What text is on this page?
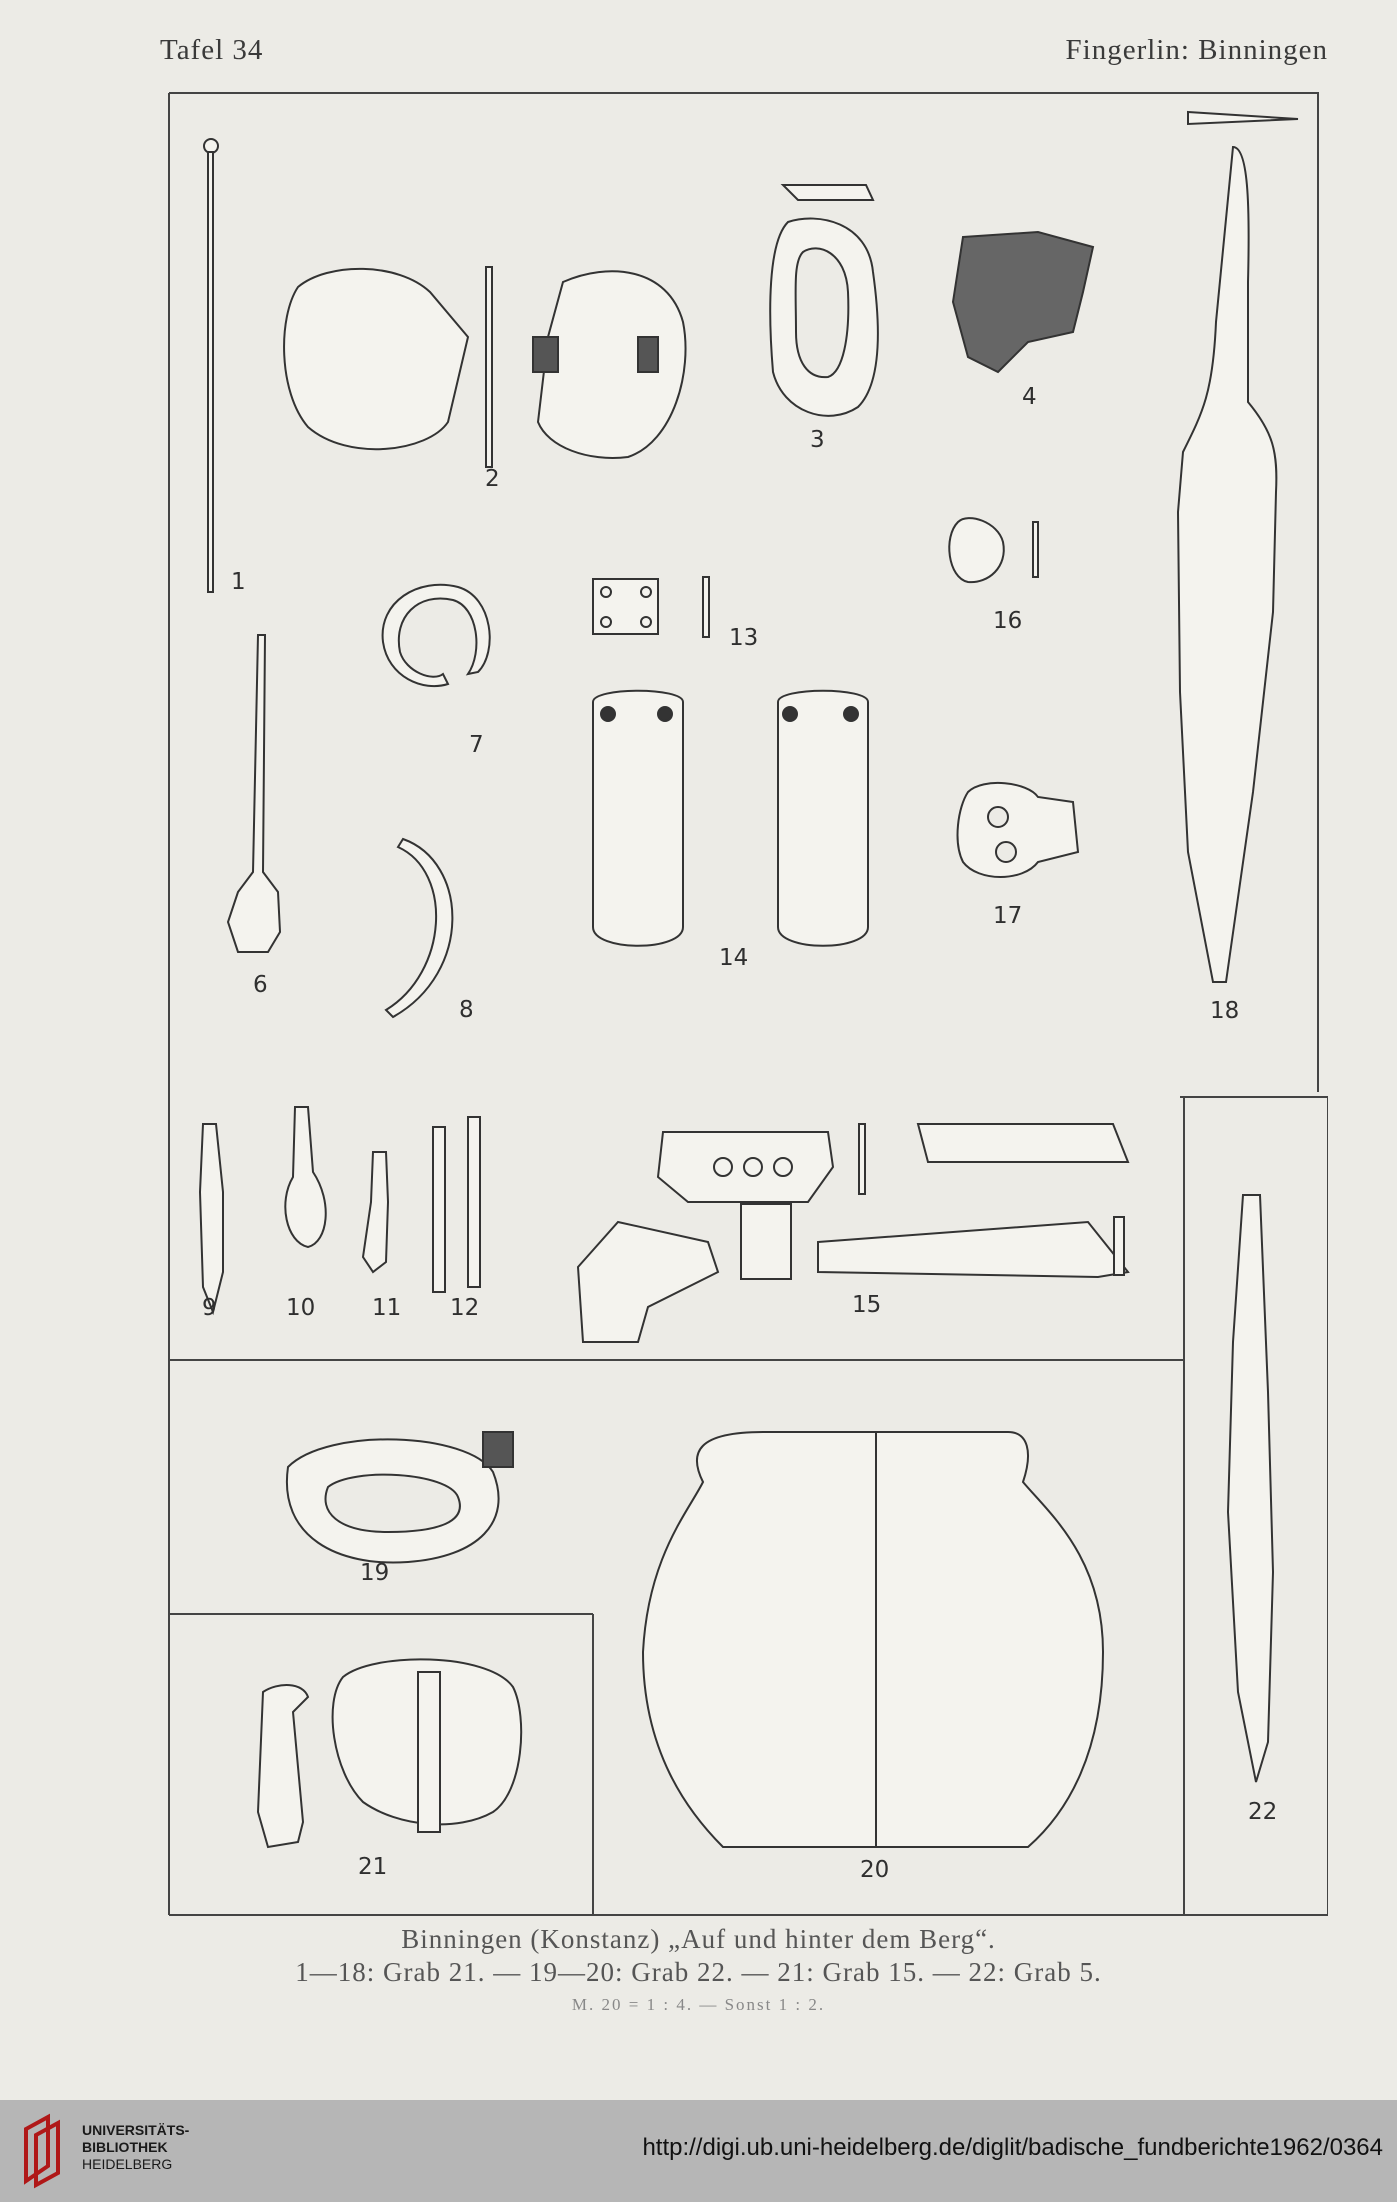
Tafel 34	Fingerlin: Binningen
1
2
3
4
6
7
8
9	10 11 12
13
14
15
16
17
18
19
20
21
22
Binningen (Konstanz) „Auf und hinter dem Berg“.
1—18: Grab 21. — 19—20: Grab 22. — 21: Grab 15. — 22: Grab 5.
M. 20 = 1 : 4. — Sonst 1 : 2.
UNIVERSITÄTS-
BIBLIOTHEK
HEIDELBERG
http://digi.ub.uni-heidelberg.de/diglit/badische_fundberichte1962/0364
